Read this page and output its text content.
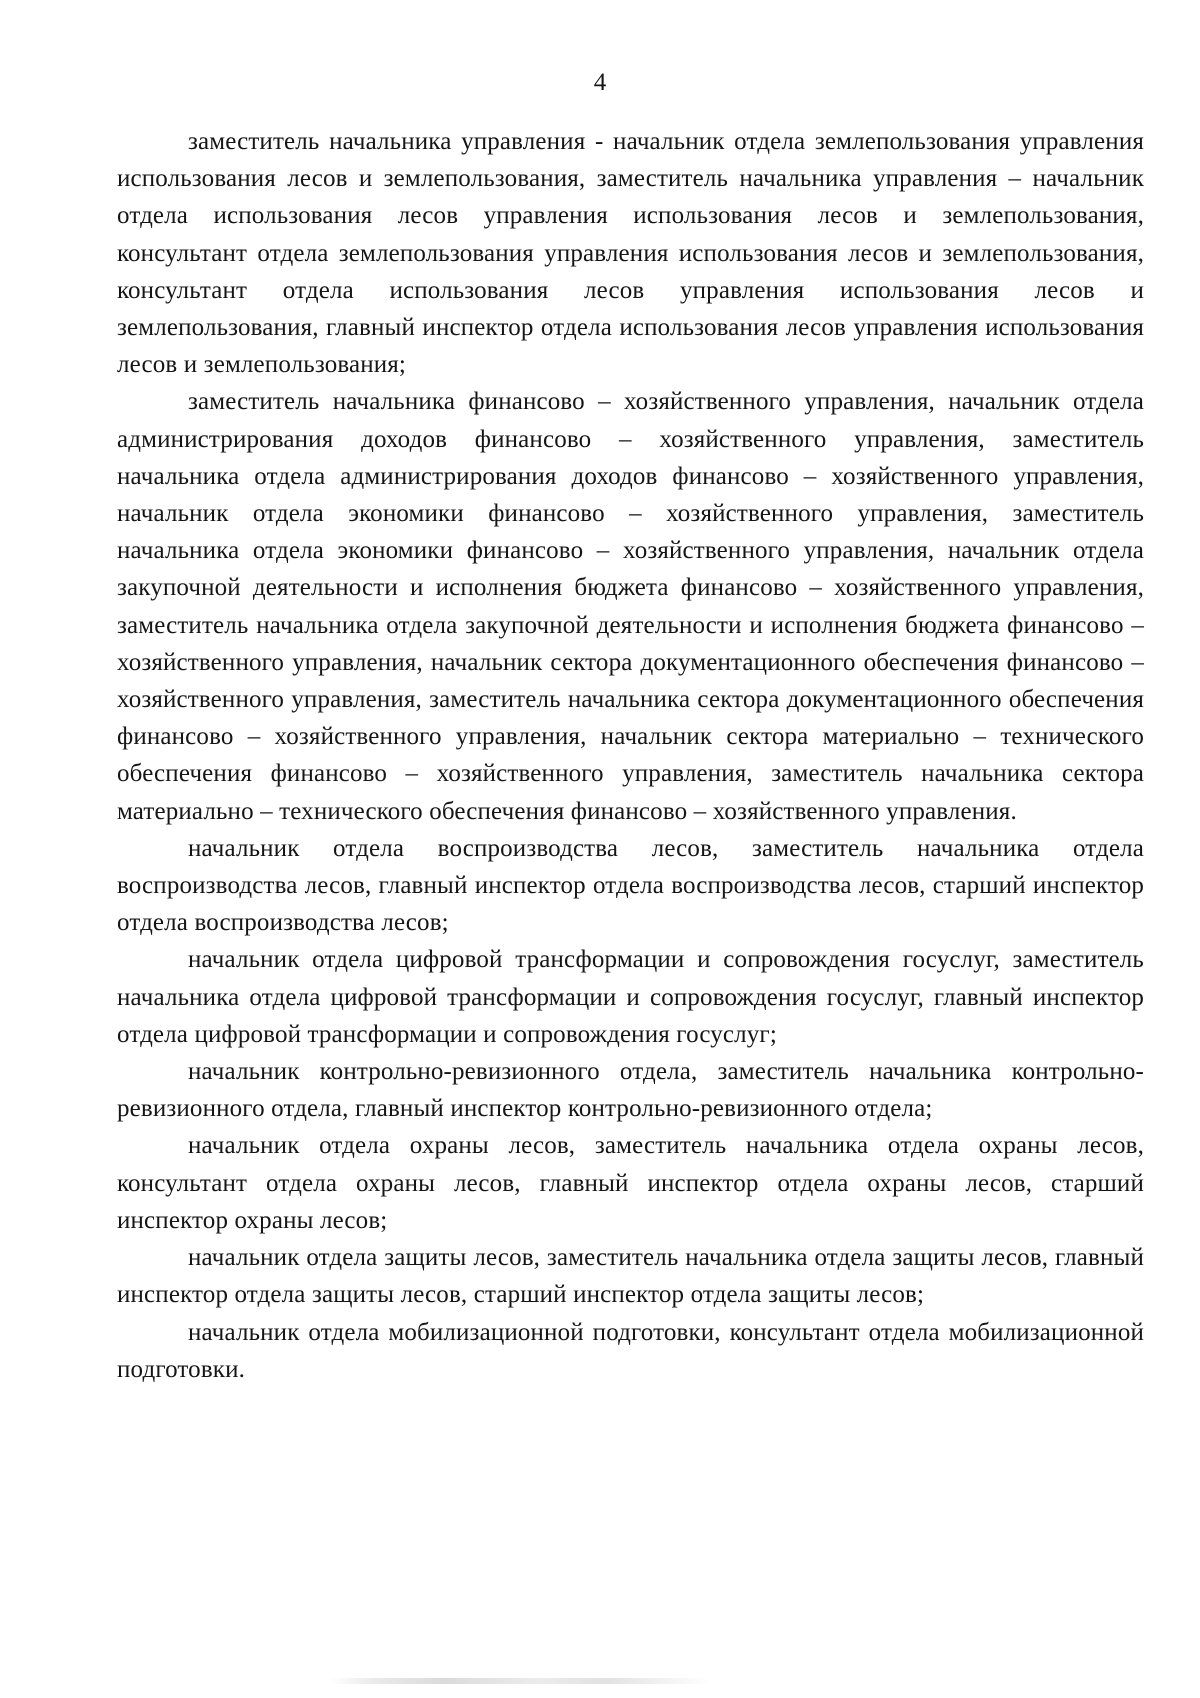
4

заместитель начальника управления - начальник отдела землепользования управления использования лесов и землепользования, заместитель начальника управления – начальник отдела использования лесов управления использования лесов и землепользования, консультант отдела землепользования управления использования лесов и землепользования, консультант отдела использования лесов управления использования лесов и землепользования, главный инспектор отдела использования лесов управления использования лесов и землепользования;

заместитель начальника финансово – хозяйственного управления, начальник отдела администрирования доходов финансово – хозяйственного управления, заместитель начальника отдела администрирования доходов финансово – хозяйственного управления, начальник отдела экономики финансово – хозяйственного управления, заместитель начальника отдела экономики финансово – хозяйственного управления, начальник отдела закупочной деятельности и исполнения бюджета финансово – хозяйственного управления, заместитель начальника отдела закупочной деятельности и исполнения бюджета финансово – хозяйственного управления, начальник сектора документационного обеспечения финансово – хозяйственного управления, заместитель начальника сектора документационного обеспечения финансово – хозяйственного управления, начальник сектора материально – технического обеспечения финансово – хозяйственного управления, заместитель начальника сектора материально – технического обеспечения финансово – хозяйственного управления.

начальник отдела воспроизводства лесов, заместитель начальника отдела воспроизводства лесов, главный инспектор отдела воспроизводства лесов, старший инспектор отдела воспроизводства лесов;

начальник отдела цифровой трансформации и сопровождения госуслуг, заместитель начальника отдела цифровой трансформации и сопровождения госуслуг, главный инспектор отдела цифровой трансформации и сопровождения госуслуг;

начальник контрольно-ревизионного отдела, заместитель начальника контрольно-ревизионного отдела, главный инспектор контрольно-ревизионного отдела;

начальник отдела охраны лесов, заместитель начальника отдела охраны лесов, консультант отдела охраны лесов, главный инспектор отдела охраны лесов, старший инспектор охраны лесов;

начальник отдела защиты лесов, заместитель начальника отдела защиты лесов, главный инспектор отдела защиты лесов, старший инспектор отдела защиты лесов;

начальник отдела мобилизационной подготовки, консультант отдела мобилизационной подготовки.
